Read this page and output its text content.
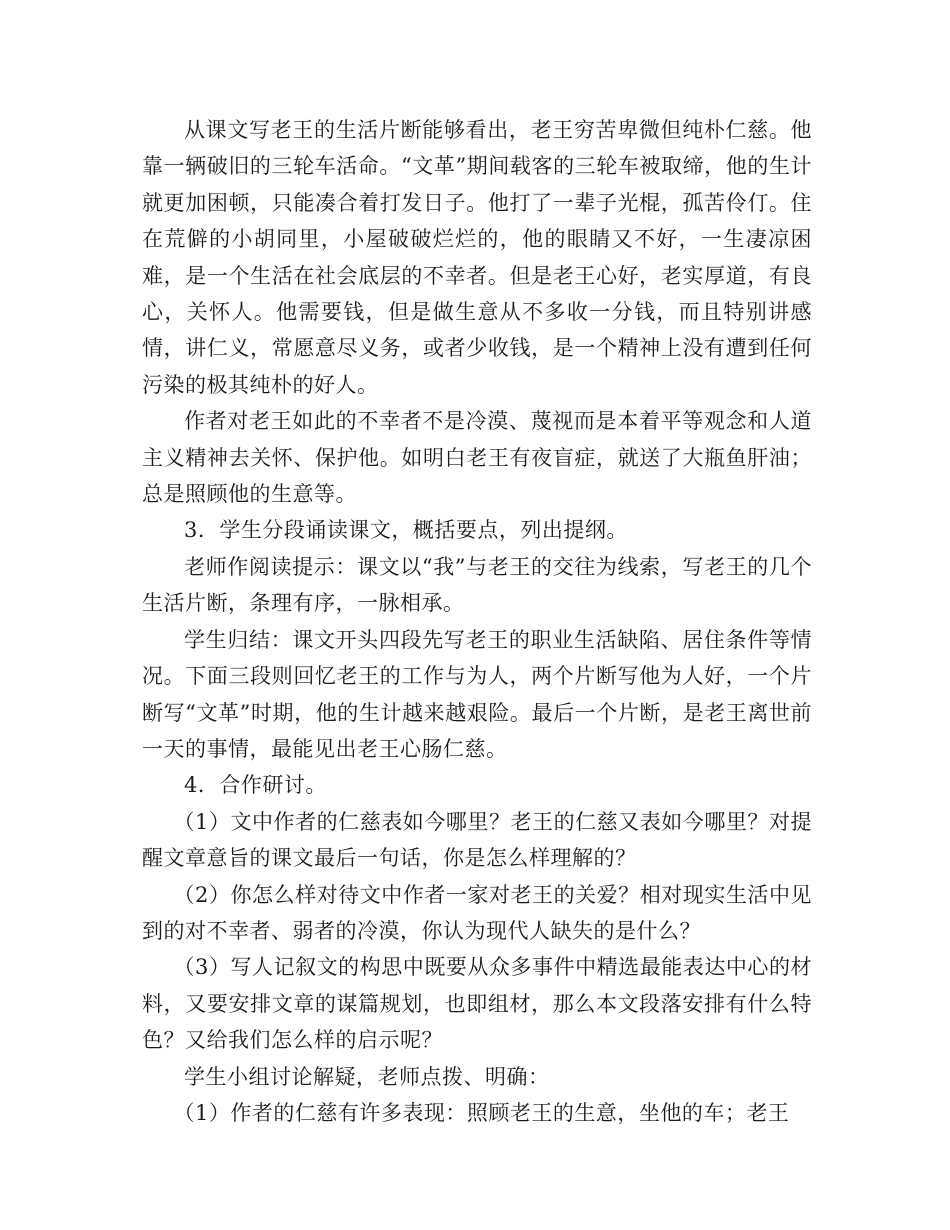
从课文写老王的生活片断能够看出，老王穷苦卑微但纯朴仁慈。他靠一辆破旧的三轮车活命。“文革”期间载客的三轮车被取缔，他的生计就更加困顿，只能凑合着打发日子。他打了一辈子光棍，孤苦伶仃。住在荒僻的小胡同里，小屋破破烂烂的，他的眼睛又不好，一生凄凉困难，是一个生活在社会底层的不幸者。但是老王心好，老实厚道，有良心，关怀人。他需要钱，但是做生意从不多收一分钱，而且特别讲感情，讲仁义，常愿意尽义务，或者少收钱，是一个精神上没有遭到任何污染的极其纯朴的好人。

作者对老王如此的不幸者不是冷漠、蔑视而是本着平等观念和人道主义精神去关怀、保护他。如明白老王有夜盲症，就送了大瓶鱼肝油；总是照顾他的生意等。

3．学生分段诵读课文，概括要点，列出提纲。

老师作阅读提示：课文以“我”与老王的交往为线索，写老王的几个生活片断，条理有序，一脉相承。

学生归结：课文开头四段先写老王的职业生活缺陷、居住条件等情况。下面三段则回忆老王的工作与为人，两个片断写他为人好，一个片断写“文革”时期，他的生计越来越艰险。最后一个片断，是老王离世前一天的事情，最能见出老王心肠仁慈。

4．合作研讨。

（1）文中作者的仁慈表如今哪里？老王的仁慈又表如今哪里？对提醒文章意旨的课文最后一句话，你是怎么样理解的？

（2）你怎么样对待文中作者一家对老王的关爱？相对现实生活中见到的对不幸者、弱者的冷漠，你认为现代人缺失的是什么？

（3）写人记叙文的构思中既要从众多事件中精选最能表达中心的材料，又要安排文章的谋篇规划，也即组材，那么本文段落安排有什么特色？又给我们怎么样的启示呢？

学生小组讨论解疑，老师点拨、明确：

（1）作者的仁慈有许多表现：照顾老王的生意，坐他的车；老王
